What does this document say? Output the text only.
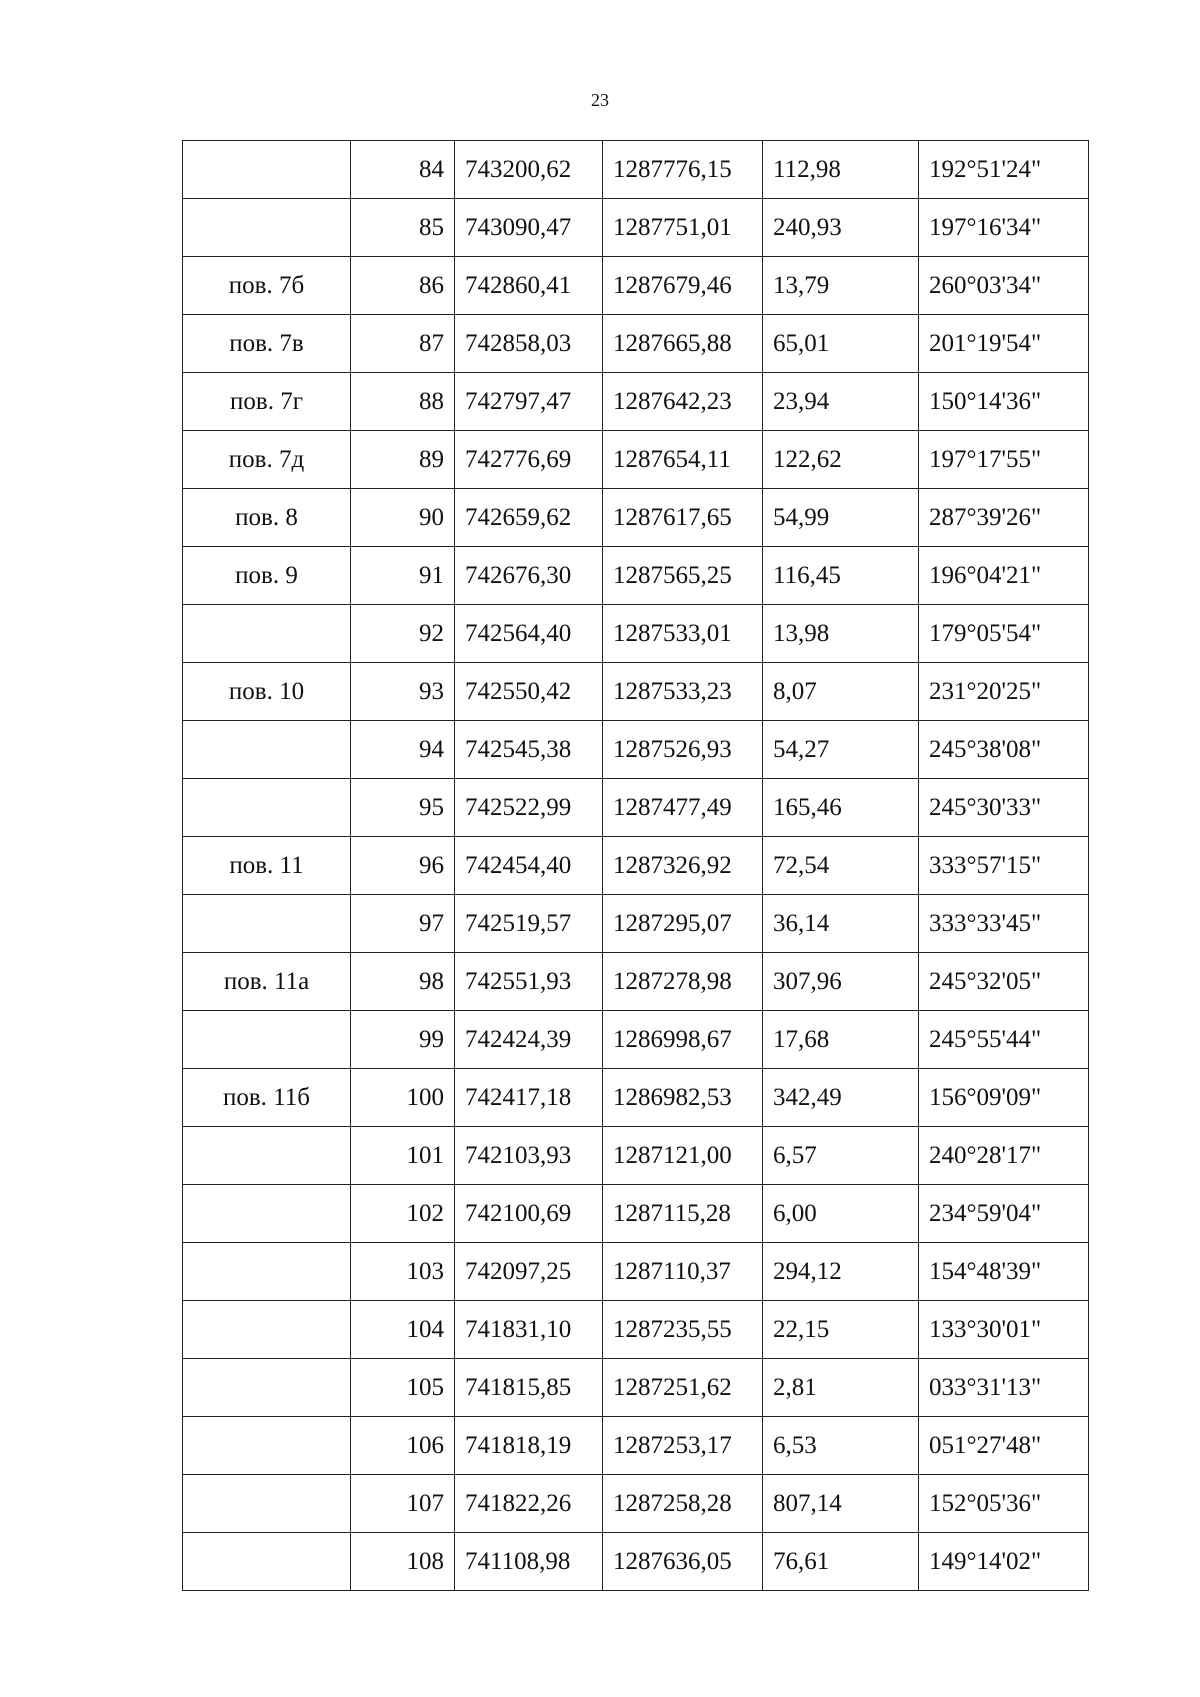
23
	84	743200,62	1287776,15	112,98	192°51'24"
	85	743090,47	1287751,01	240,93	197°16'34"
пов. 7б	86	742860,41	1287679,46	13,79	260°03'34"
пов. 7в	87	742858,03	1287665,88	65,01	201°19'54"
пов. 7г	88	742797,47	1287642,23	23,94	150°14'36"
пов. 7д	89	742776,69	1287654,11	122,62	197°17'55"
пов. 8	90	742659,62	1287617,65	54,99	287°39'26"
пов. 9	91	742676,30	1287565,25	116,45	196°04'21"
	92	742564,40	1287533,01	13,98	179°05'54"
пов. 10	93	742550,42	1287533,23	8,07	231°20'25"
	94	742545,38	1287526,93	54,27	245°38'08"
	95	742522,99	1287477,49	165,46	245°30'33"
пов. 11	96	742454,40	1287326,92	72,54	333°57'15"
	97	742519,57	1287295,07	36,14	333°33'45"
пов. 11а	98	742551,93	1287278,98	307,96	245°32'05"
	99	742424,39	1286998,67	17,68	245°55'44"
пов. 11б	100	742417,18	1286982,53	342,49	156°09'09"
	101	742103,93	1287121,00	6,57	240°28'17"
	102	742100,69	1287115,28	6,00	234°59'04"
	103	742097,25	1287110,37	294,12	154°48'39"
	104	741831,10	1287235,55	22,15	133°30'01"
	105	741815,85	1287251,62	2,81	033°31'13"
	106	741818,19	1287253,17	6,53	051°27'48"
	107	741822,26	1287258,28	807,14	152°05'36"
	108	741108,98	1287636,05	76,61	149°14'02"
